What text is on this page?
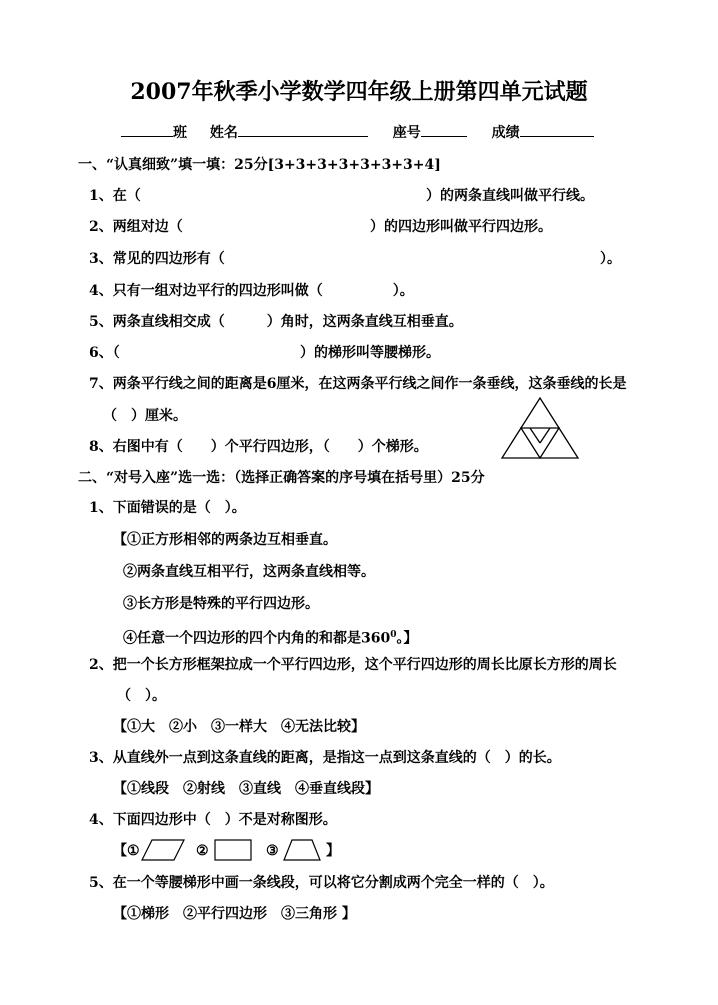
2007年秋季小学数学四年级上册第四单元试题
班 姓名	座号	成绩
一、“认真细致”填一填：25分[3+3+3+3+3+3+3+4]
1、在（	）的两条直线叫做平行线。
2、两组对边（	）的四边形叫做平行四边形。
3、常见的四边形有（	）。
4、只有一组对边平行的四边形叫做（　　　　　）。
5、两条直线相交成（　　　）角时，这两条直线互相垂直。
6、（	）的梯形叫等腰梯形。
7、两条平行线之间的距离是6厘米，在这两条平行线之间作一条垂线，这条垂线的长是
（　）厘米。
8、右图中有（　　）个平行四边形，（　　）个梯形。
二、“对号入座”选一选：（选择正确答案的序号填在括号里）25分
1、下面错误的是（　）。
【①正方形相邻的两条边互相垂直。
②两条直线互相平行，这两条直线相等。
③长方形是特殊的平行四边形。
④任意一个四边形的四个内角的和都是$360^0$。】
2、把一个长方形框架拉成一个平行四边形，这个平行四边形的周长比原长方形的周长
（　）。
【①大　②小　③一样大　④无法比较】
3、从直线外一点到这条直线的距离，是指这一点到这条直线的（　）的长。
【①线段　②射线　③直线　④垂直线段】
4、下面四边形中（　）不是对称图形。
【 ①	②	③	】
5、在一个等腰梯形中画一条线段，可以将它分割成两个完全一样的（　）。
【①梯形　②平行四边形　③三角形 】
